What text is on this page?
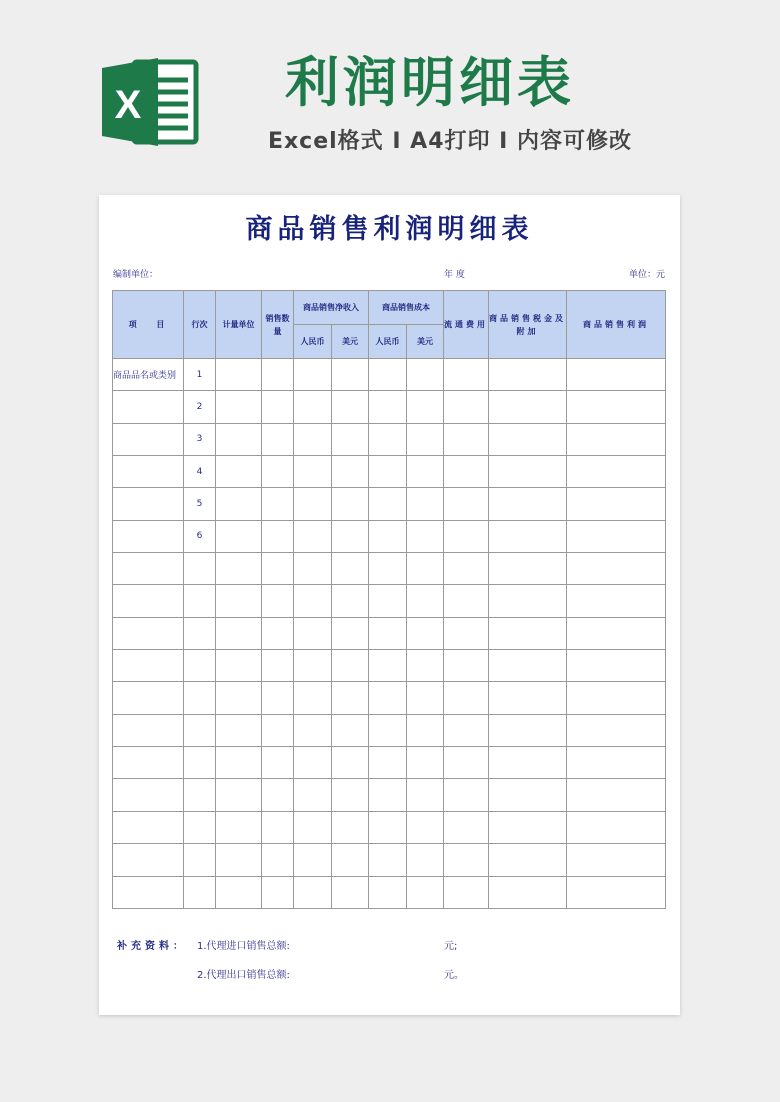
X	利润明细表
Excel格式 I A4打印 I 内容可修改
商品销售利润明细表
编制单位：	年 度	单位：元
项　 目	行次	计量单位	销售数量	商品销售净收入		商品销售成本		流通费用	商品销售税金及附加	商品销售利润
				人民币	美元	人民币	美元			
商品品名或类别	1									
	2									
	3									
	4									
	5									
	6									

补充资料： 1.代理进口销售总额:	元;
2.代理出口销售总额:	元。
